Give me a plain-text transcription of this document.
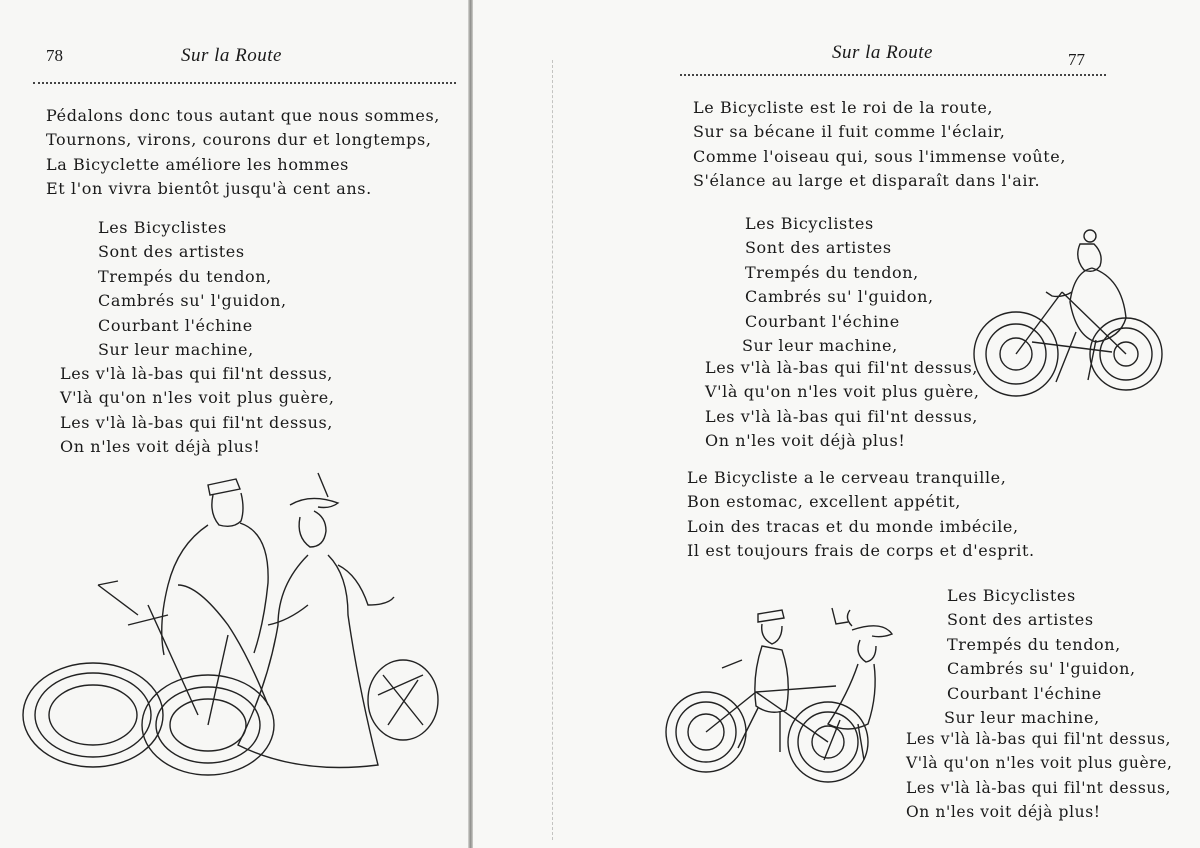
78	Sur la Route
Pédalons donc tous autant que nous sommes,
Tournons, virons, courons dur et longtemps,
La Bicyclette améliore les hommes
Et l'on vivra bientôt jusqu'à cent ans.
Les Bicyclistes
Sont des artistes
Trempés du tendon,
Cambrés su' l'guidon,
Courbant l'échine
Sur leur machine,
Les v'là là-bas qui fil'nt dessus,
V'là qu'on n'les voit plus guère,
Les v'là là-bas qui fil'nt dessus,
On n'les voit déjà plus!
Sur la Route	77
Le Bicycliste est le roi de la route,
Sur sa bécane il fuit comme l'éclair,
Comme l'oiseau qui, sous l'immense voûte,
S'élance au large et disparaît dans l'air.
Les Bicyclistes
Sont des artistes
Trempés du tendon,
Cambrés su' l'guidon,
Courbant l'échine
Sur leur machine,
Les v'là là-bas qui fil'nt dessus,
V'là qu'on n'les voit plus guère,
Les v'là là-bas qui fil'nt dessus,
On n'les voit déjà plus!
Le Bicycliste a le cerveau tranquille,
Bon estomac, excellent appétit,
Loin des tracas et du monde imbécile,
Il est toujours frais de corps et d'esprit.
Les Bicyclistes
Sont des artistes
Trempés du tendon,
Cambrés su' l'guidon,
Courbant l'échine
Sur leur machine,
Les v'là là-bas qui fil'nt dessus,
V'là qu'on n'les voit plus guère,
Les v'là là-bas qui fil'nt dessus,
On n'les voit déjà plus!
